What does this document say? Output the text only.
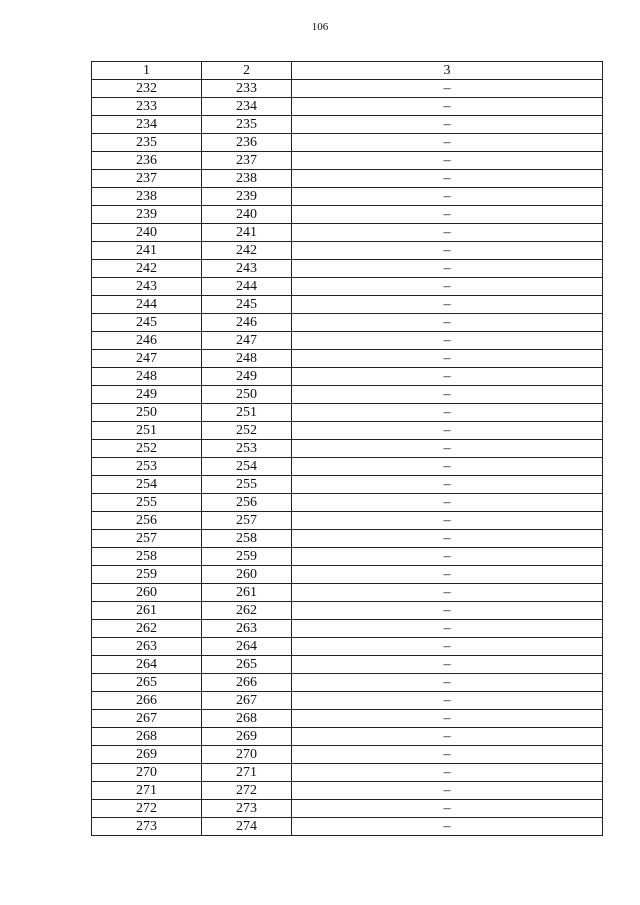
106
1	2	3
232	233	–
233	234	–
234	235	–
235	236	–
236	237	–
237	238	–
238	239	–
239	240	–
240	241	–
241	242	–
242	243	–
243	244	–
244	245	–
245	246	–
246	247	–
247	248	–
248	249	–
249	250	–
250	251	–
251	252	–
252	253	–
253	254	–
254	255	–
255	256	–
256	257	–
257	258	–
258	259	–
259	260	–
260	261	–
261	262	–
262	263	–
263	264	–
264	265	–
265	266	–
266	267	–
267	268	–
268	269	–
269	270	–
270	271	–
271	272	–
272	273	–
273	274	–
